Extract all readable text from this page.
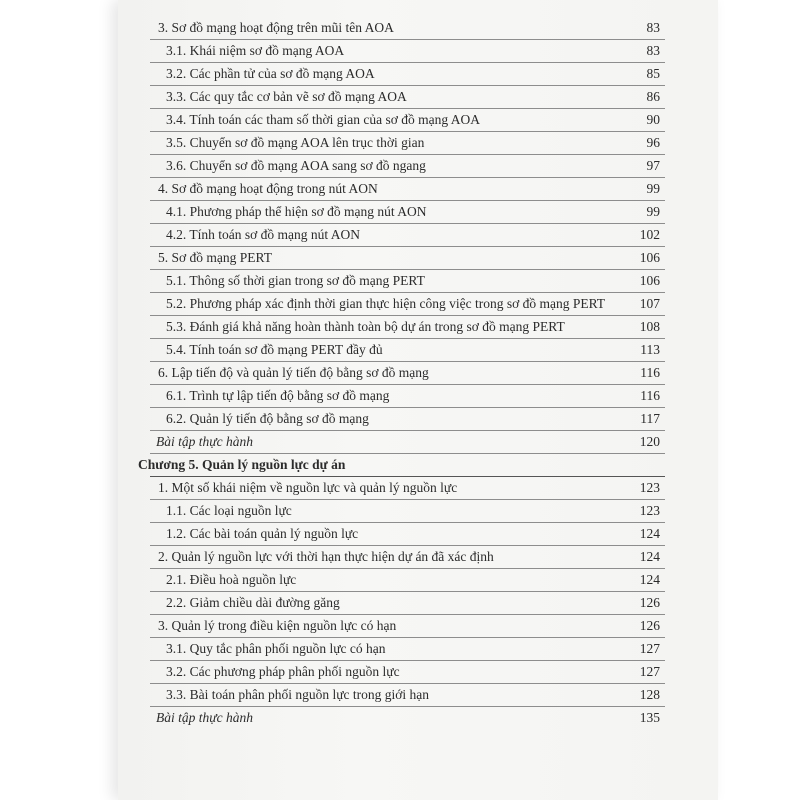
3. Sơ đồ mạng hoạt động trên mũi tên AOA	83
3.1. Khái niệm sơ đồ mạng AOA	83
3.2. Các phần tử của sơ đồ mạng AOA	85
3.3. Các quy tắc cơ bản vẽ sơ đồ mạng AOA	86
3.4. Tính toán các tham số thời gian của sơ đồ mạng AOA	90
3.5. Chuyển sơ đồ mạng AOA lên trục thời gian	96
3.6. Chuyển sơ đồ mạng AOA sang sơ đồ ngang	97
4. Sơ đồ mạng hoạt động trong nút AON	99
4.1. Phương pháp thể hiện sơ đồ mạng nút AON	99
4.2. Tính toán sơ đồ mạng nút AON	102
5. Sơ đồ mạng PERT	106
5.1. Thông số thời gian trong sơ đồ mạng PERT	106
5.2. Phương pháp xác định thời gian thực hiện công việc trong sơ đồ mạng PERT	107
5.3. Đánh giá khả năng hoàn thành toàn bộ dự án trong sơ đồ mạng PERT	108
5.4. Tính toán sơ đồ mạng PERT đầy đủ	113
6. Lập tiến độ và quản lý tiến độ bằng sơ đồ mạng	116
6.1. Trình tự lập tiến độ bằng sơ đồ mạng	116
6.2. Quản lý tiến độ bằng sơ đồ mạng	117
Bài tập thực hành	120
Chương 5. Quản lý nguồn lực dự án
1. Một số khái niệm về nguồn lực và quản lý nguồn lực	123
1.1. Các loại nguồn lực	123
1.2. Các bài toán quản lý nguồn lực	124
2. Quản lý nguồn lực với thời hạn thực hiện dự án đã xác định	124
2.1. Điều hoà nguồn lực	124
2.2. Giảm chiều dài đường găng	126
3. Quản lý trong điều kiện nguồn lực có hạn	126
3.1. Quy tắc phân phối nguồn lực có hạn	127
3.2. Các phương pháp phân phối nguồn lực	127
3.3. Bài toán phân phối nguồn lực trong giới hạn	128
Bài tập thực hành	135
